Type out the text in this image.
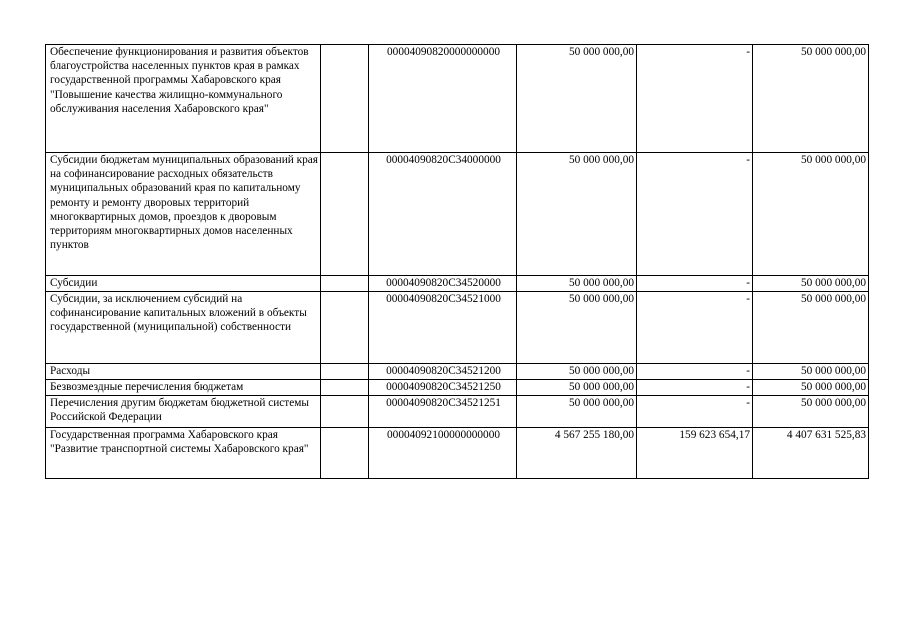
Обеспечение функционирования и развития объектов благоустройства населенных пунктов края в рамках государственной программы Хабаровского края "Повышение качества жилищно-коммунального обслуживания населения Хабаровского края"		00004090820000000000	50 000 000,00	-	50 000 000,00
Субсидии бюджетам муниципальных образований края на софинансирование расходных обязательств муниципальных образований края по капитальному ремонту и ремонту дворовых территорий многоквартирных домов, проездов к дворовым территориям многоквартирных домов населенных пунктов		00004090820C34000000	50 000 000,00	-	50 000 000,00
Субсидии		00004090820C34520000	50 000 000,00	-	50 000 000,00
Субсидии, за исключением субсидий на софинансирование капитальных вложений в объекты государственной (муниципальной) собственности		00004090820C34521000	50 000 000,00	-	50 000 000,00
Расходы		00004090820C34521200	50 000 000,00	-	50 000 000,00
Безвозмездные перечисления бюджетам		00004090820C34521250	50 000 000,00	-	50 000 000,00
Перечисления другим бюджетам бюджетной системы Российской Федерации		00004090820C34521251	50 000 000,00	-	50 000 000,00
Государственная программа Хабаровского края "Развитие транспортной системы Хабаровского края"		00004092100000000000	4 567 255 180,00	159 623 654,17	4 407 631 525,83
